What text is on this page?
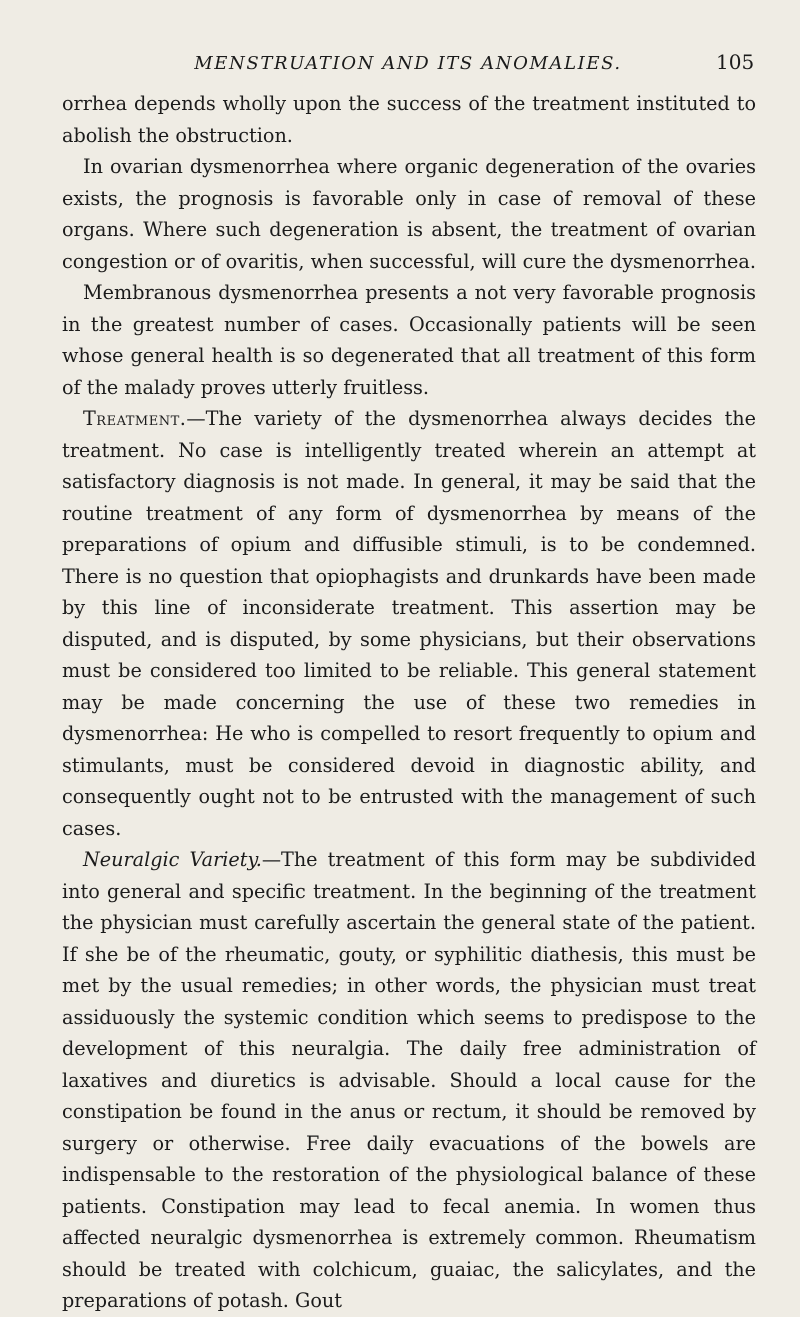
MENSTRUATION AND ITS ANOMALIES.	105

orrhea depends wholly upon the success of the treatment instituted to abolish the obstruction.

In ovarian dysmenorrhea where organic degeneration of the ovaries exists, the prognosis is favorable only in case of removal of these organs. Where such degeneration is absent, the treatment of ovarian congestion or of ovaritis, when successful, will cure the dysmenorrhea.

Membranous dysmenorrhea presents a not very favorable prognosis in the greatest number of cases. Occasionally patients will be seen whose general health is so degenerated that all treatment of this form of the malady proves utterly fruitless.

Treatment.—The variety of the dysmenorrhea always decides the treatment. No case is intelligently treated wherein an attempt at satisfactory diagnosis is not made. In general, it may be said that the routine treatment of any form of dysmenorrhea by means of the preparations of opium and diffusible stimuli, is to be condemned. There is no question that opiophagists and drunkards have been made by this line of inconsiderate treatment. This assertion may be disputed, and is disputed, by some physicians, but their observations must be considered too limited to be reliable. This general statement may be made concerning the use of these two remedies in dysmenorrhea: He who is compelled to resort frequently to opium and stimulants, must be considered devoid in diagnostic ability, and consequently ought not to be entrusted with the management of such cases.

Neuralgic Variety.—The treatment of this form may be subdivided into general and specific treatment. In the beginning of the treatment the physician must carefully ascertain the general state of the patient. If she be of the rheumatic, gouty, or syphilitic diathesis, this must be met by the usual remedies; in other words, the physician must treat assiduously the systemic condition which seems to predispose to the development of this neuralgia. The daily free administration of laxatives and diuretics is advisable. Should a local cause for the constipation be found in the anus or rectum, it should be removed by surgery or otherwise. Free daily evacuations of the bowels are indispensable to the restoration of the physiological balance of these patients. Constipation may lead to fecal anemia. In women thus affected neuralgic dysmenorrhea is extremely common. Rheumatism should be treated with colchicum, guaiac, the salicylates, and the preparations of potash. Gout
